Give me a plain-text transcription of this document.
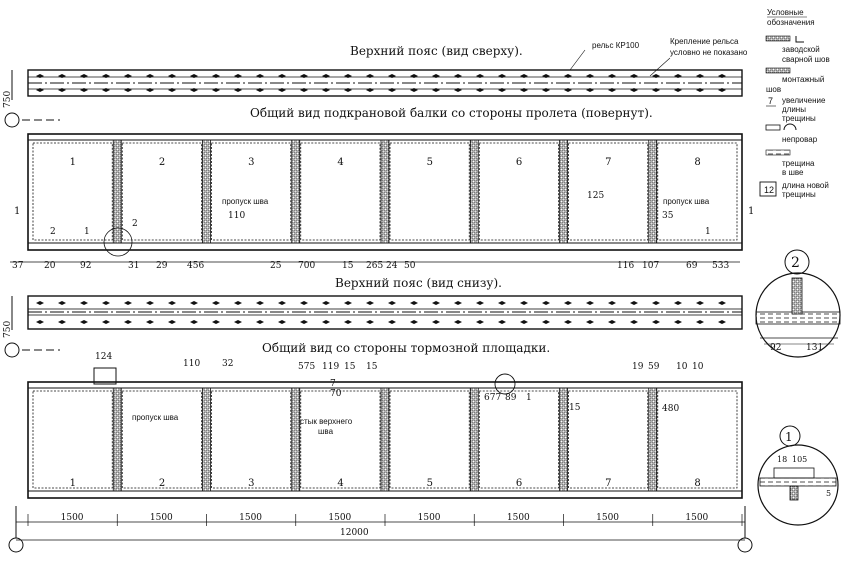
1	2	3	4	5	6	7	8
1	2	3	4	5	6	7	8
Верхний пояс (вид сверху).
Общий вид подкрановой балки со стороны пролета (повернут).
Верхний пояс (вид снизу).
Общий вид со стороны тормозной площадки.
рельс КР100	Крепление рельса
условно не показано
Условные
обозначения
заводской
сварной шов
монтажный
шов
7 увеличение
длины
трещины
непровар
трещина
в шве
12 длина новой
трещины
750
750
1	1
пропуск шва	пропуск шва
110
125
35
2	1	1
2
37 20	92	31 29 456	25 700	15 265 24 50	116 107	69 533
124
110 32	575 119 15 15
7
70	677 89 1
19 59 10 10
пропуск шва	стык верхнего
шва
15	480
1500	1500	1500	1500	1500	1500	1500	1500
12000
2
92	131
1
18 105
5
